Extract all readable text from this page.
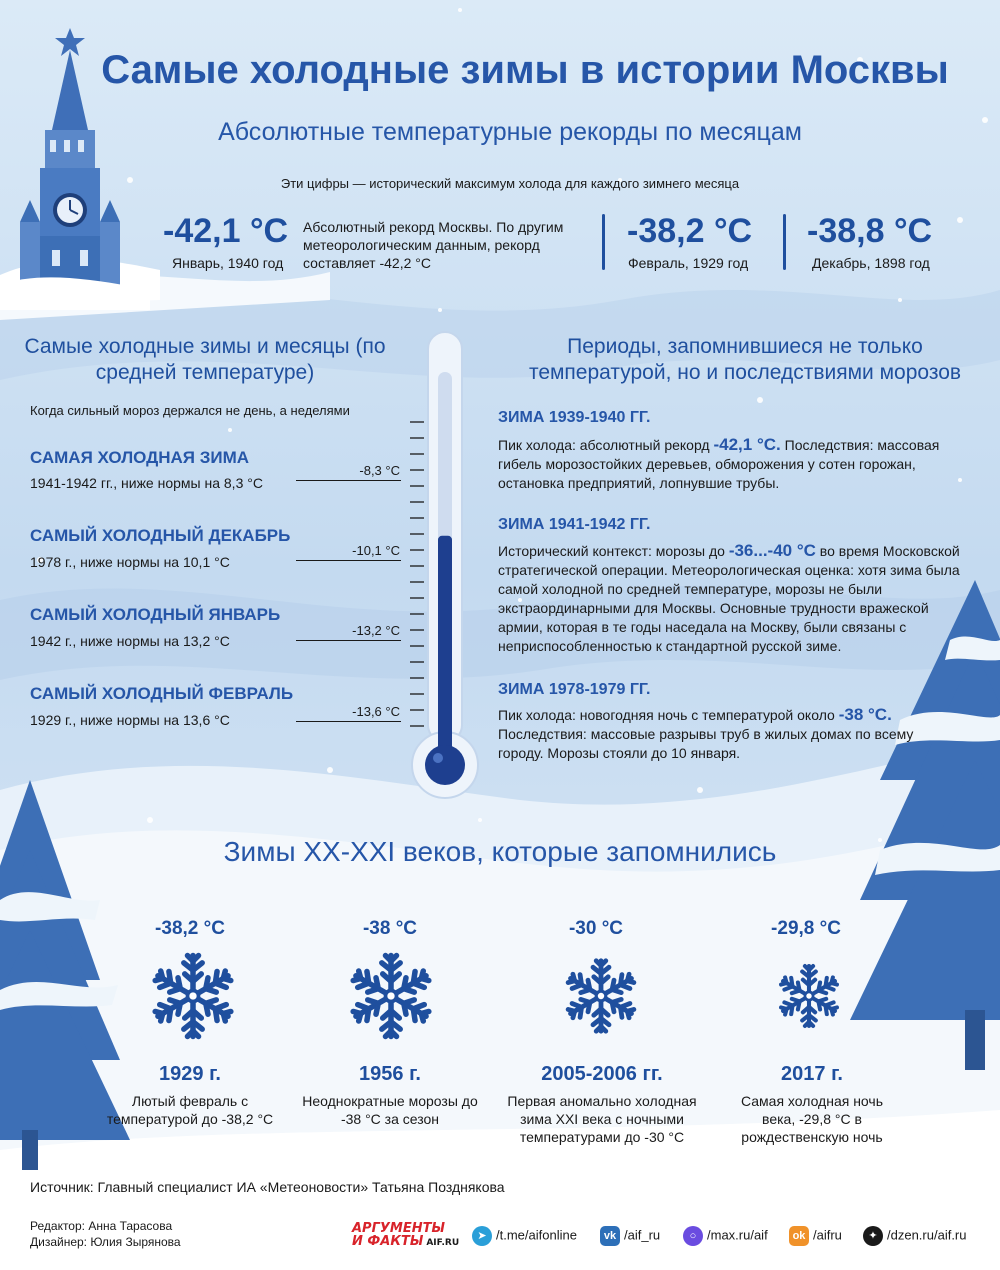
Самые холодные зимы в истории Москвы
Абсолютные температурные рекорды по месяцам
Эти цифры — исторический максимум холода для каждого зимнего месяца
-42,1 °C
Январь, 1940 год
Абсолютный рекорд Москвы. По другим метеорологическим данным, рекорд составляет -42,2 °С
-38,2 °C
Февраль, 1929 год
-38,8 °C
Декабрь, 1898 год
Самые холодные зимы и месяцы (по средней температуре)
Когда сильный мороз держался не день, а неделями
САМАЯ ХОЛОДНАЯ ЗИМА
1941-1942 гг., ниже нормы на 8,3 °C
-8,3 °C
САМЫЙ ХОЛОДНЫЙ ДЕКАБРЬ
1978 г., ниже нормы на 10,1 °C
-10,1 °C
САМЫЙ ХОЛОДНЫЙ ЯНВАРЬ
1942 г., ниже нормы на 13,2 °C
-13,2 °C
САМЫЙ ХОЛОДНЫЙ ФЕВРАЛЬ
1929 г., ниже нормы на 13,6 °C
-13,6 °C
Периоды, запомнившиеся не только температурой, но и последствиями морозов
ЗИМА 1939-1940 ГГ.
Пик холода: абсолютный рекорд -42,1 °С. Последствия: массовая гибель морозостойких деревьев, обморожения у сотен горожан, остановка предприятий, лопнувшие трубы.
ЗИМА 1941-1942 ГГ.
Исторический контекст: морозы до -36...-40 °С во время Московской стратегической операции. Метеорологическая оценка: хотя зима была самой холодной по средней температуре, морозы не были экстраординарными для Москвы. Основные трудности вражеской армии, которая в те годы наседала на Москву, были связаны с неприспособленностью к стандартной русской зиме.
ЗИМА 1978-1979 ГГ.
Пик холода: новогодняя ночь с температурой около -38 °С. Последствия: массовые разрывы труб в жилых домах по всему городу. Морозы стояли до 10 января.
Зимы XX-XXI веков, которые запомнились
-38,2 °C	-38 °C	-30 °C	-29,8 °C
1929 г.
Лютый февраль с температурой до -38,2 °C
1956 г.
Неоднократные морозы до -38 °C за сезон
2005-2006 гг.
Первая аномально холодная зима XXI века с ночными температурами до -30 °C
2017 г.
Самая холодная ночь века, -29,8 °C в рождественскую ночь
Источник: Главный специалист ИА «Метеоновости» Татьяна Позднякова
Редактор: Анна Тарасова
Дизайнер: Юлия Зырянова
АРГУМЕНТЫ
И ФАКТЫ AIF.RU
➤ /t.me/aifonline	vk /aif_ru	○ /max.ru/aif	ok /aifru	✦ /dzen.ru/aif.ru
